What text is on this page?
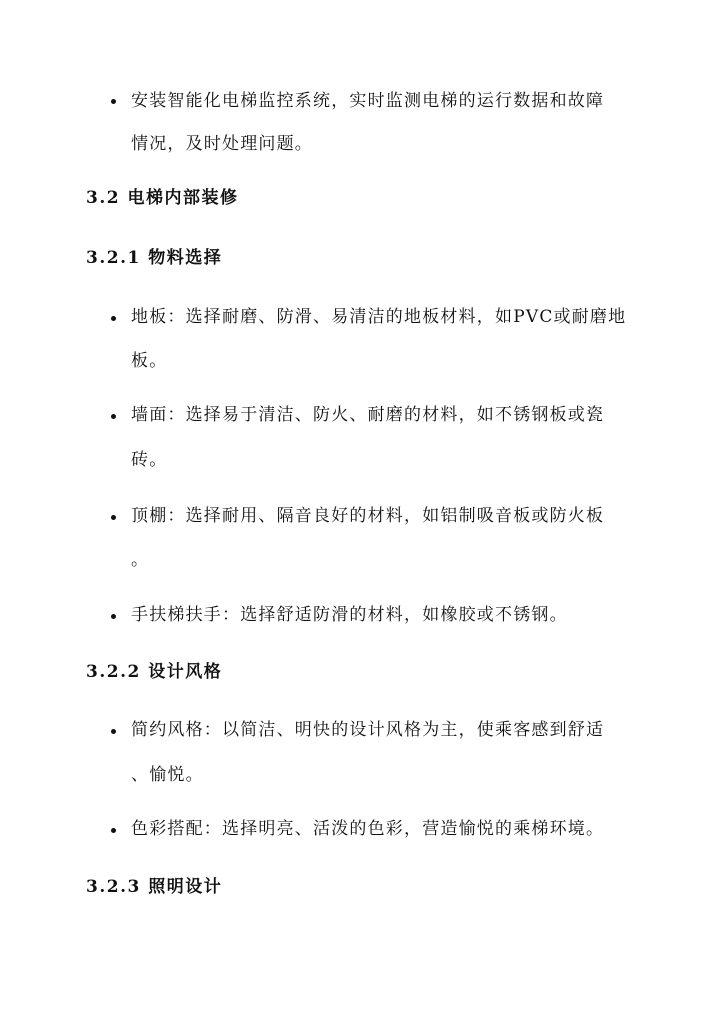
安装智能化电梯监控系统，实时监测电梯的运行数据和故障
情况，及时处理问题。
3.2 电梯内部装修
3.2.1 物料选择
地板：选择耐磨、防滑、易清洁的地板材料，如PVC或耐磨地
板。
墙面：选择易于清洁、防火、耐磨的材料，如不锈钢板或瓷
砖。
顶棚：选择耐用、隔音良好的材料，如铝制吸音板或防火板
。
手扶梯扶手：选择舒适防滑的材料，如橡胶或不锈钢。
3.2.2 设计风格
简约风格：以简洁、明快的设计风格为主，使乘客感到舒适
、愉悦。
色彩搭配：选择明亮、活泼的色彩，营造愉悦的乘梯环境。
3.2.3 照明设计
